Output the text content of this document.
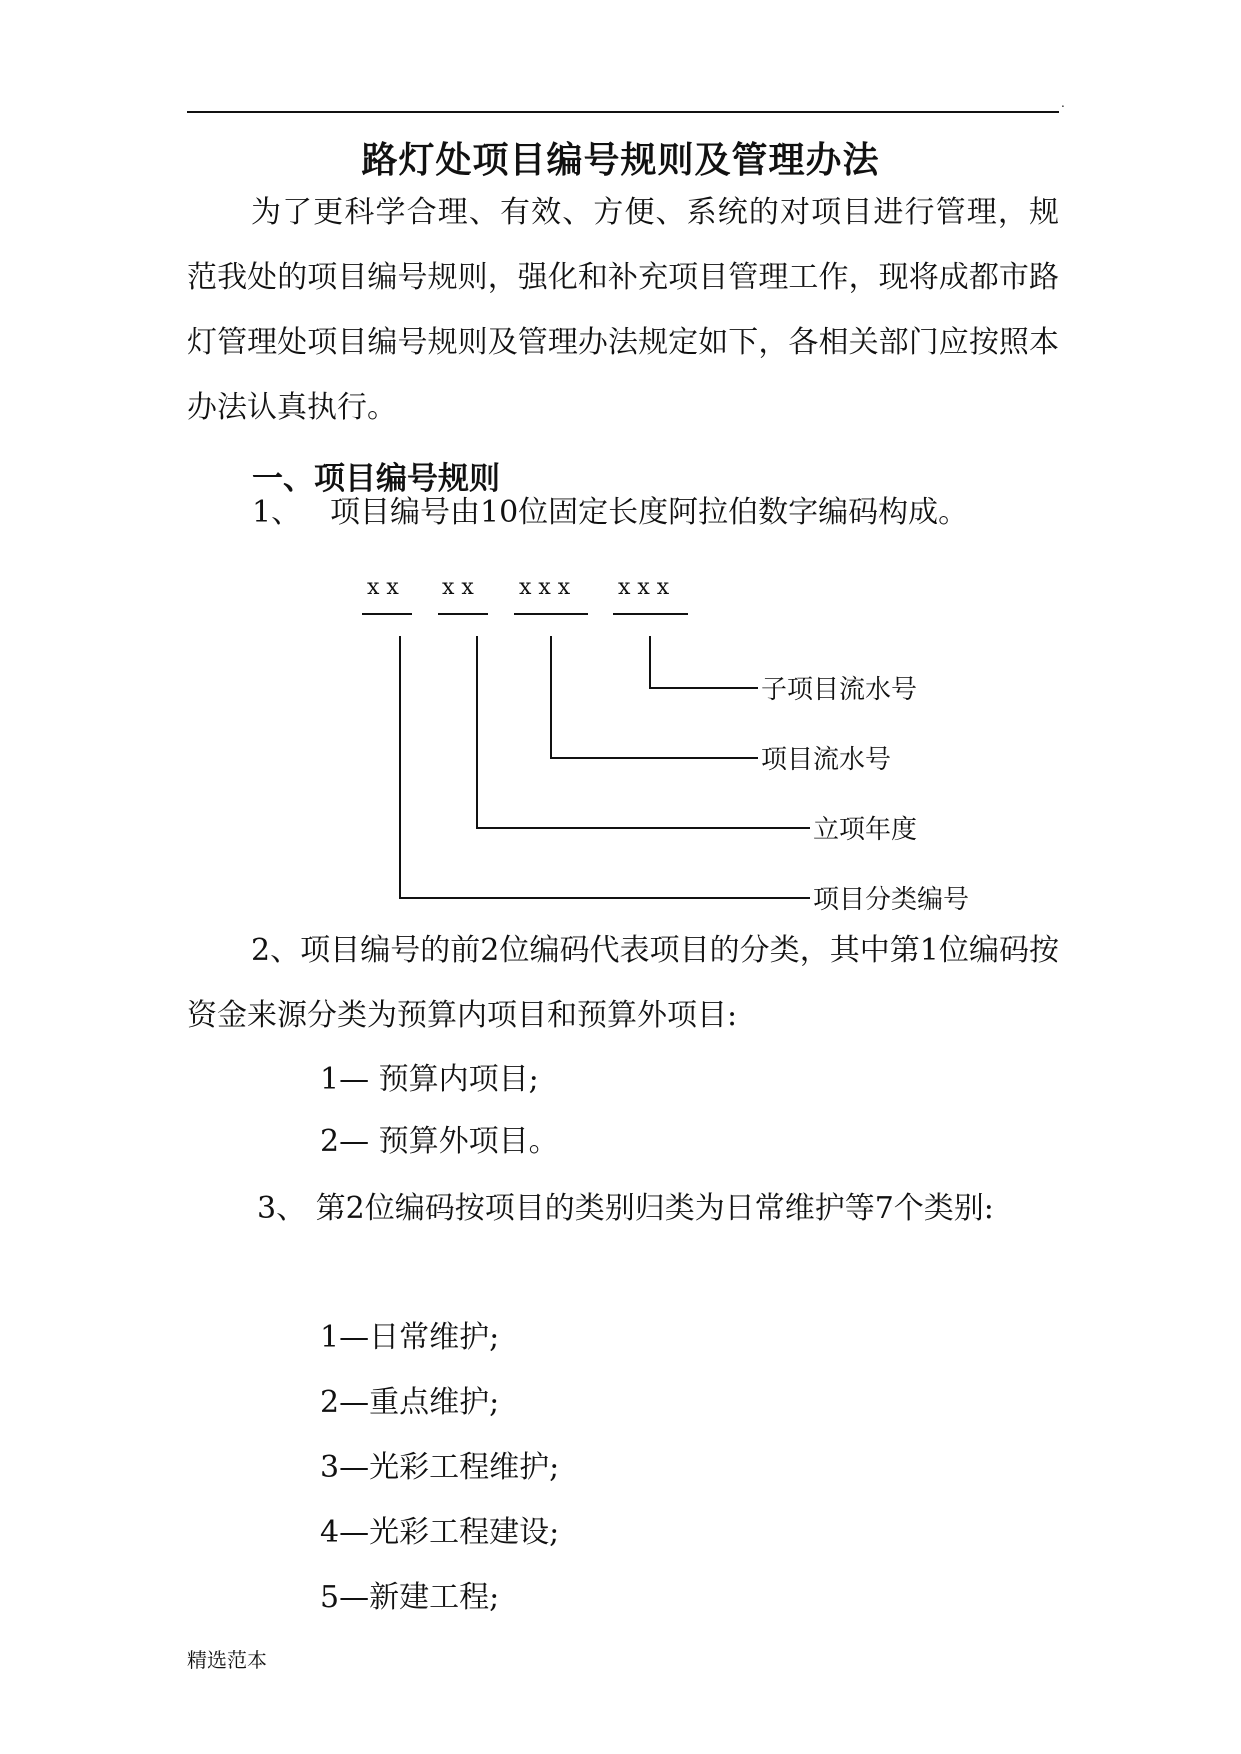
.
路灯处项目编号规则及管理办法

为了更科学合理、有效、方便、系统的对项目进行管理，规范我处的项目编号规则，强化和补充项目管理工作，现将成都市路灯管理处项目编号规则及管理办法规定如下，各相关部门应按照本办法认真执行。

一、项目编号规则
1、 项目编号由10位固定长度阿拉伯数字编码构成。
x x x x x x x x x x
子项目流水号
项目流水号
立项年度
项目分类编号

2、项目编号的前2位编码代表项目的分类，其中第1位编码按资金来源分类为预算内项目和预算外项目:

1— 预算内项目;
2— 预算外项目。

3、 第2位编码按项目的类别归类为日常维护等7个类别:

1—日常维护;
2—重点维护;
3—光彩工程维护;
4—光彩工程建设;
5—新建工程;
精选范本
